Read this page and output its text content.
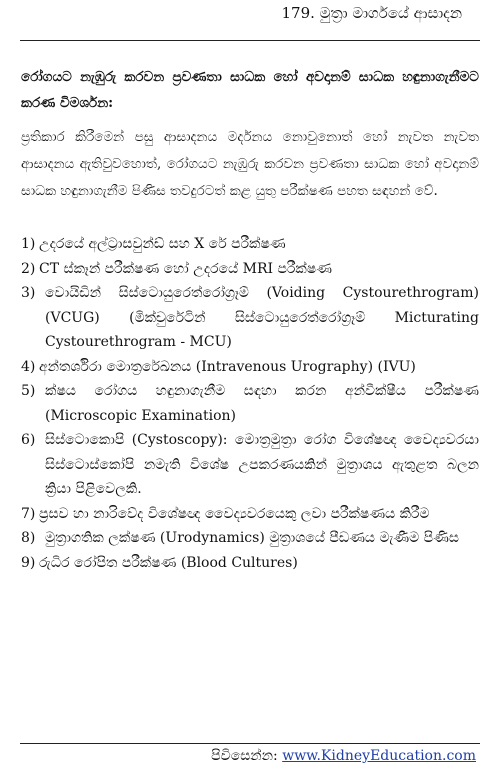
179. මුත්‍රා මාර්ගයේ ආසාදන
රෝගයට නැඹුරු කරවන ප්‍රවණතා සාධක හෝ අවදානම් සාධක හඳුනාගැනීමට කරණ විමර්ශන:
ප්‍රතිකාර කිරීමෙන් පසු ආසාදනය මර්දනය නොවුනොත් හෝ නැවත නැවත ආසාදනය ඇතිවුවහොත්, රෝගයට නැඹුරු කරවන ප්‍රවණතා සාධක හෝ අවදානම් සාධක හඳුනාගැනීම පිණිස තවදුරටත් කළ යුතු පරීක්ෂණ පහත සඳහන් වේ.
1) උදරයේ අල්ට්‍රාසවුන්ඩ් සහ X රේ පරීක්ෂණ
2) CT ස්කෑන් පරීක්ෂණ හෝ උදරයේ MRI පරීක්ෂණ
3) වොයිඩින් සිස්ටොයුරෙත්රෝග්‍රෑම් (Voiding Cystourethrogram) (VCUG) (මික්චුරේටින් සිස්ටොයුරෙත්රෝග්‍රෑම් Micturating Cystourethrogram - MCU)
4) අන්තර්ශිරා මොත්‍රරේඛනය (Intravenous Urography) (IVU)
5) ක්ෂය රෝගය හඳුනාගැනීම සඳහා කරන අන්වීක්ෂීය පරීක්ෂණ (Microscopic Examination)
6) සිස්ටොකොපි (Cystoscopy): මොත්‍රමුත්‍රා රෝග විශේෂඥ වෛද්‍යවරයා සිස්ටොස්කෝපි නමැති විශේෂ උපකරණයකින් මුත්‍රාශය ඇතුළත බලන ක්‍රියා පිළිවෙලකි.
7) ප්‍රසව හා නාරිවේද විශේෂඥ වෛද්‍යවරයෙකු ලවා පරීක්ෂණය කිරීම
8) මුත්‍රාගතික ලක්ෂණ (Urodynamics) මුත්‍රාශයේ පීඩණය මැණීම පිණිස
9) රුධිර රෝපිත පරීක්ෂණ (Blood Cultures)
පිවිසෙන්න: www.KidneyEducation.com
